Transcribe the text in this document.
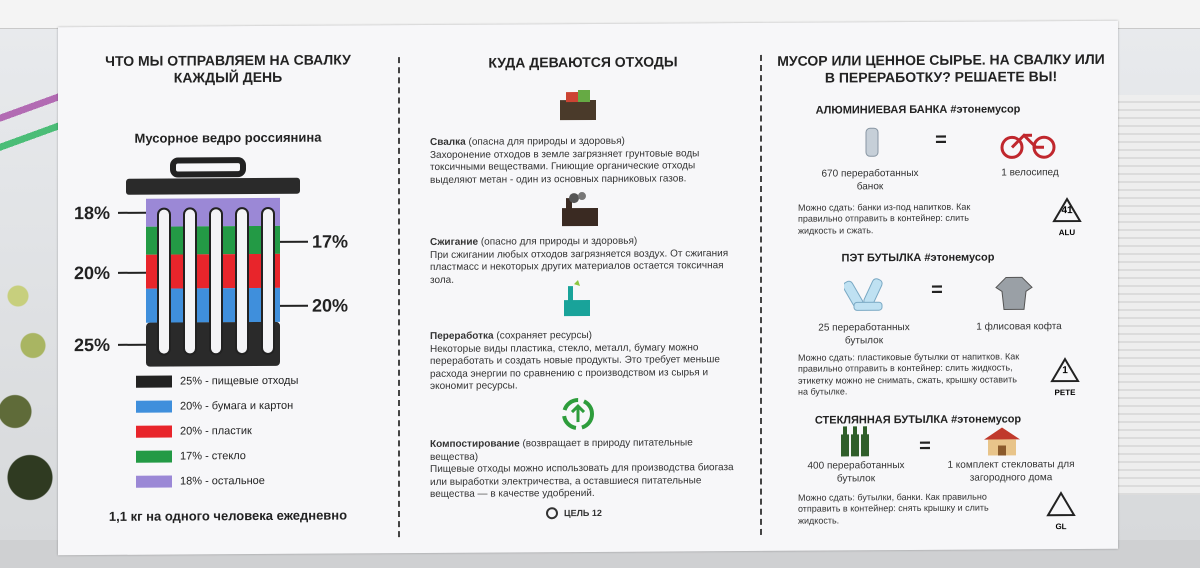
ЧТО МЫ ОТПРАВЛЯЕМ НА СВАЛКУ КАЖДЫЙ ДЕНЬ
Мусорное ведро россиянина
18%
17%
20%
20%
25%
25% - пищевые отходы
20% - бумага и картон
20% - пластик
17% - стекло
18% - остальное
1,1 кг на одного человека ежедневно
КУДА ДЕВАЮТСЯ ОТХОДЫ
Свалка (опасна для природы и здоровья)
Захоронение отходов в земле загрязняет грунтовые воды токсичными веществами. Гниющие органические отходы выделяют метан - один из основных парниковых газов.
Сжигание (опасно для природы и здоровья)
При сжигании любых отходов загрязняется воздух. От сжигания пластмасс и некоторых других материалов остается токсичная зола.
Переработка (сохраняет ресурсы)
Некоторые виды пластика, стекло, металл, бумагу можно переработать и создать новые продукты. Это требует меньше расхода энергии по сравнению с производством из сырья и экономит ресурсы.
Компостирование (возвращает в природу питательные вещества)
Пищевые отходы можно использовать для производства биогаза или выработки электричества, а оставшиеся питательные вещества — в качестве удобрений.
ЦЕЛЬ 12
МУСОР ИЛИ ЦЕННОЕ СЫРЬЕ. НА СВАЛКУ ИЛИ В ПЕРЕРАБОТКУ? РЕШАЕТЕ ВЫ!
АЛЮМИНИЕВАЯ БАНКА #этонемусор
=
670 переработанных банок
1 велосипед
Можно сдать: банки из-под напитков. Как правильно отправить в контейнер: слить жидкость и сжать.
41
ALU
ПЭТ БУТЫЛКА #этонемусор
=
25 переработанных бутылок
1 флисовая кофта
Можно сдать: пластиковые бутылки от напитков. Как правильно отправить в контейнер: слить жидкость, этикетку можно не снимать, сжать, крышку оставить на бутылке.
1
PETE
СТЕКЛЯННАЯ БУТЫЛКА #этонемусор
=
400 переработанных бутылок
1 комплект стекловаты для загородного дома
Можно сдать: бутылки, банки. Как правильно отправить в контейнер: снять крышку и слить жидкость.
GL
